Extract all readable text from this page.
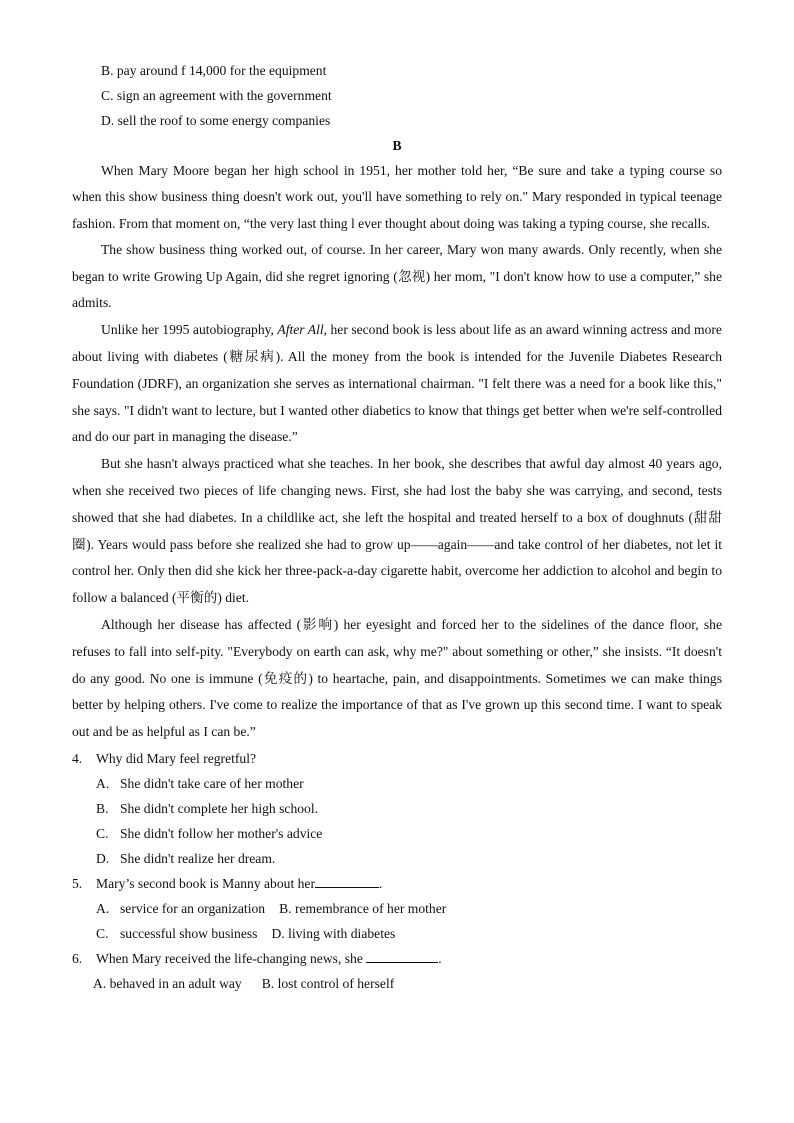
B. pay around f 14,000 for the equipment
C. sign an agreement with the government
D. sell the roof to some energy companies
B

When Mary Moore began her high school in 1951, her mother told her, “Be sure and take a typing course so when this show business thing doesn't work out, you'll have something to rely on." Mary responded in typical teenage fashion. From that moment on, “the very last thing l ever thought about doing was taking a typing course, she recalls.

The show business thing worked out, of course. In her career, Mary won many awards. Only recently, when she began to write Growing Up Again, did she regret ignoring (忽视) her mom, "I don't know how to use a computer,” she admits.

Unlike her 1995 autobiography, After All, her second book is less about life as an award winning actress and more about living with diabetes (糖尿病). All the money from the book is intended for the Juvenile Diabetes Research Foundation (JDRF), an organization she serves as international chairman. "I felt there was a need for a book like this," she says. "I didn't want to lecture, but I wanted other diabetics to know that things get better when we're self-controlled and do our part in managing the disease.”

But she hasn't always practiced what she teaches. In her book, she describes that awful day almost 40 years ago, when she received two pieces of life changing news. First, she had lost the baby she was carrying, and second, tests showed that she had diabetes. In a childlike act, she left the hospital and treated herself to a box of doughnuts (甜甜圈). Years would pass before she realized she had to grow up——again——and take control of her diabetes, not let it control her. Only then did she kick her three-pack-a-day cigarette habit, overcome her addiction to alcohol and begin to follow a balanced (平衡的) diet.

Although her disease has affected (影响) her eyesight and forced her to the sidelines of the dance floor, she refuses to fall into self-pity. "Everybody on earth can ask, why me?" about something or other,” she insists. “It doesn't do any good. No one is immune (免疫的) to heartache, pain, and disappointments. Sometimes we can make things better by helping others. I've come to realize the importance of that as I've grown up this second time. I want to speak out and be as helpful as I can be.”

4. Why did Mary feel regretful?
A. She didn't take care of her mother
B. She didn't complete her high school.
C. She didn't follow her mother's advice
D. She didn't realize her dream.
5. Mary’s second book is Manny about her	.
A. service for an organization B. remembrance of her mother
C. successful show business D. living with diabetes
6. When Mary received the life-changing news, she	.
A. behaved in an adult way B. lost control of herself
